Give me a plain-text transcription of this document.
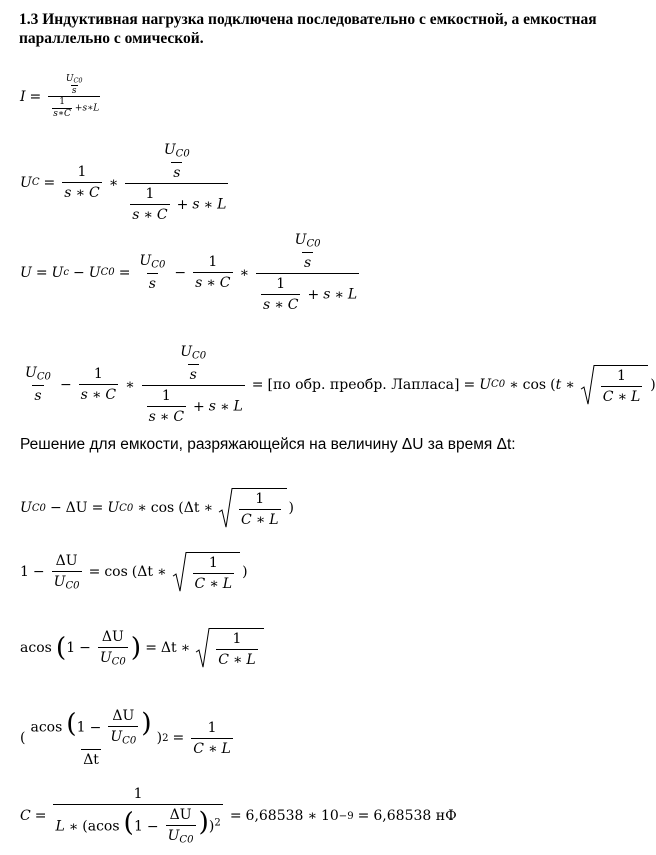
1.3 Индуктивная нагрузка подключена последовательно с емкостной, а емкостная параллельно с омической.
$I = \frac{\frac{U_{C0}}{s}}{\frac{1}{s∗C} +s∗L}$
U $C = \frac{1}{s ∗ C}$ ∗ $\frac{\frac{U_{C0}}{s}}{\frac{1}{s ∗ C} + s ∗ L}$
U = U c − U $C0 = \frac{U_{C0}}{s} - \frac{1}{s ∗ C}$ ∗ $\frac{\frac{U_{C0}}{s}}{\frac{1}{s ∗ C} + s ∗ L}$
$\frac{U_{C0}}{s} - \frac{1}{s ∗ C}$ ∗ $\frac{\frac{U_{C0}}{s}}{\frac{1}{s ∗ C} + s ∗ L}$ = [ по обр. преобр. Лапласа ] = U C0 ∗ cos ( t ∗ $\frac{1}{C ∗ L}$ )
Решение для емкости, разряжающейся на величину ΔU за время Δt:
U C0 − ΔU = U C0 ∗ cos ( Δt ∗ $\frac{1}{C ∗ L}$ )
$1 - \frac{\Delta U}{U_{C0}} = \cos$ ( Δt ∗ $\frac{1}{C ∗ L}$ )
acos ( $1 - \frac{\Delta U}{U_{C0}}$ ) = Δt ∗ $\frac{1}{C ∗ L}$
( $\frac{acos (1 - \frac{\Delta U}{U_{C0}} )}{\Delta t}$ ) $2 = \frac{1}{C ∗ L}$
$C = \frac{1}{L ∗ (acos (1 - \frac{\Delta U}{U_{C0}} ))^2} = 6,68538$ ∗ 10 −9 = 6,68538 нФ
